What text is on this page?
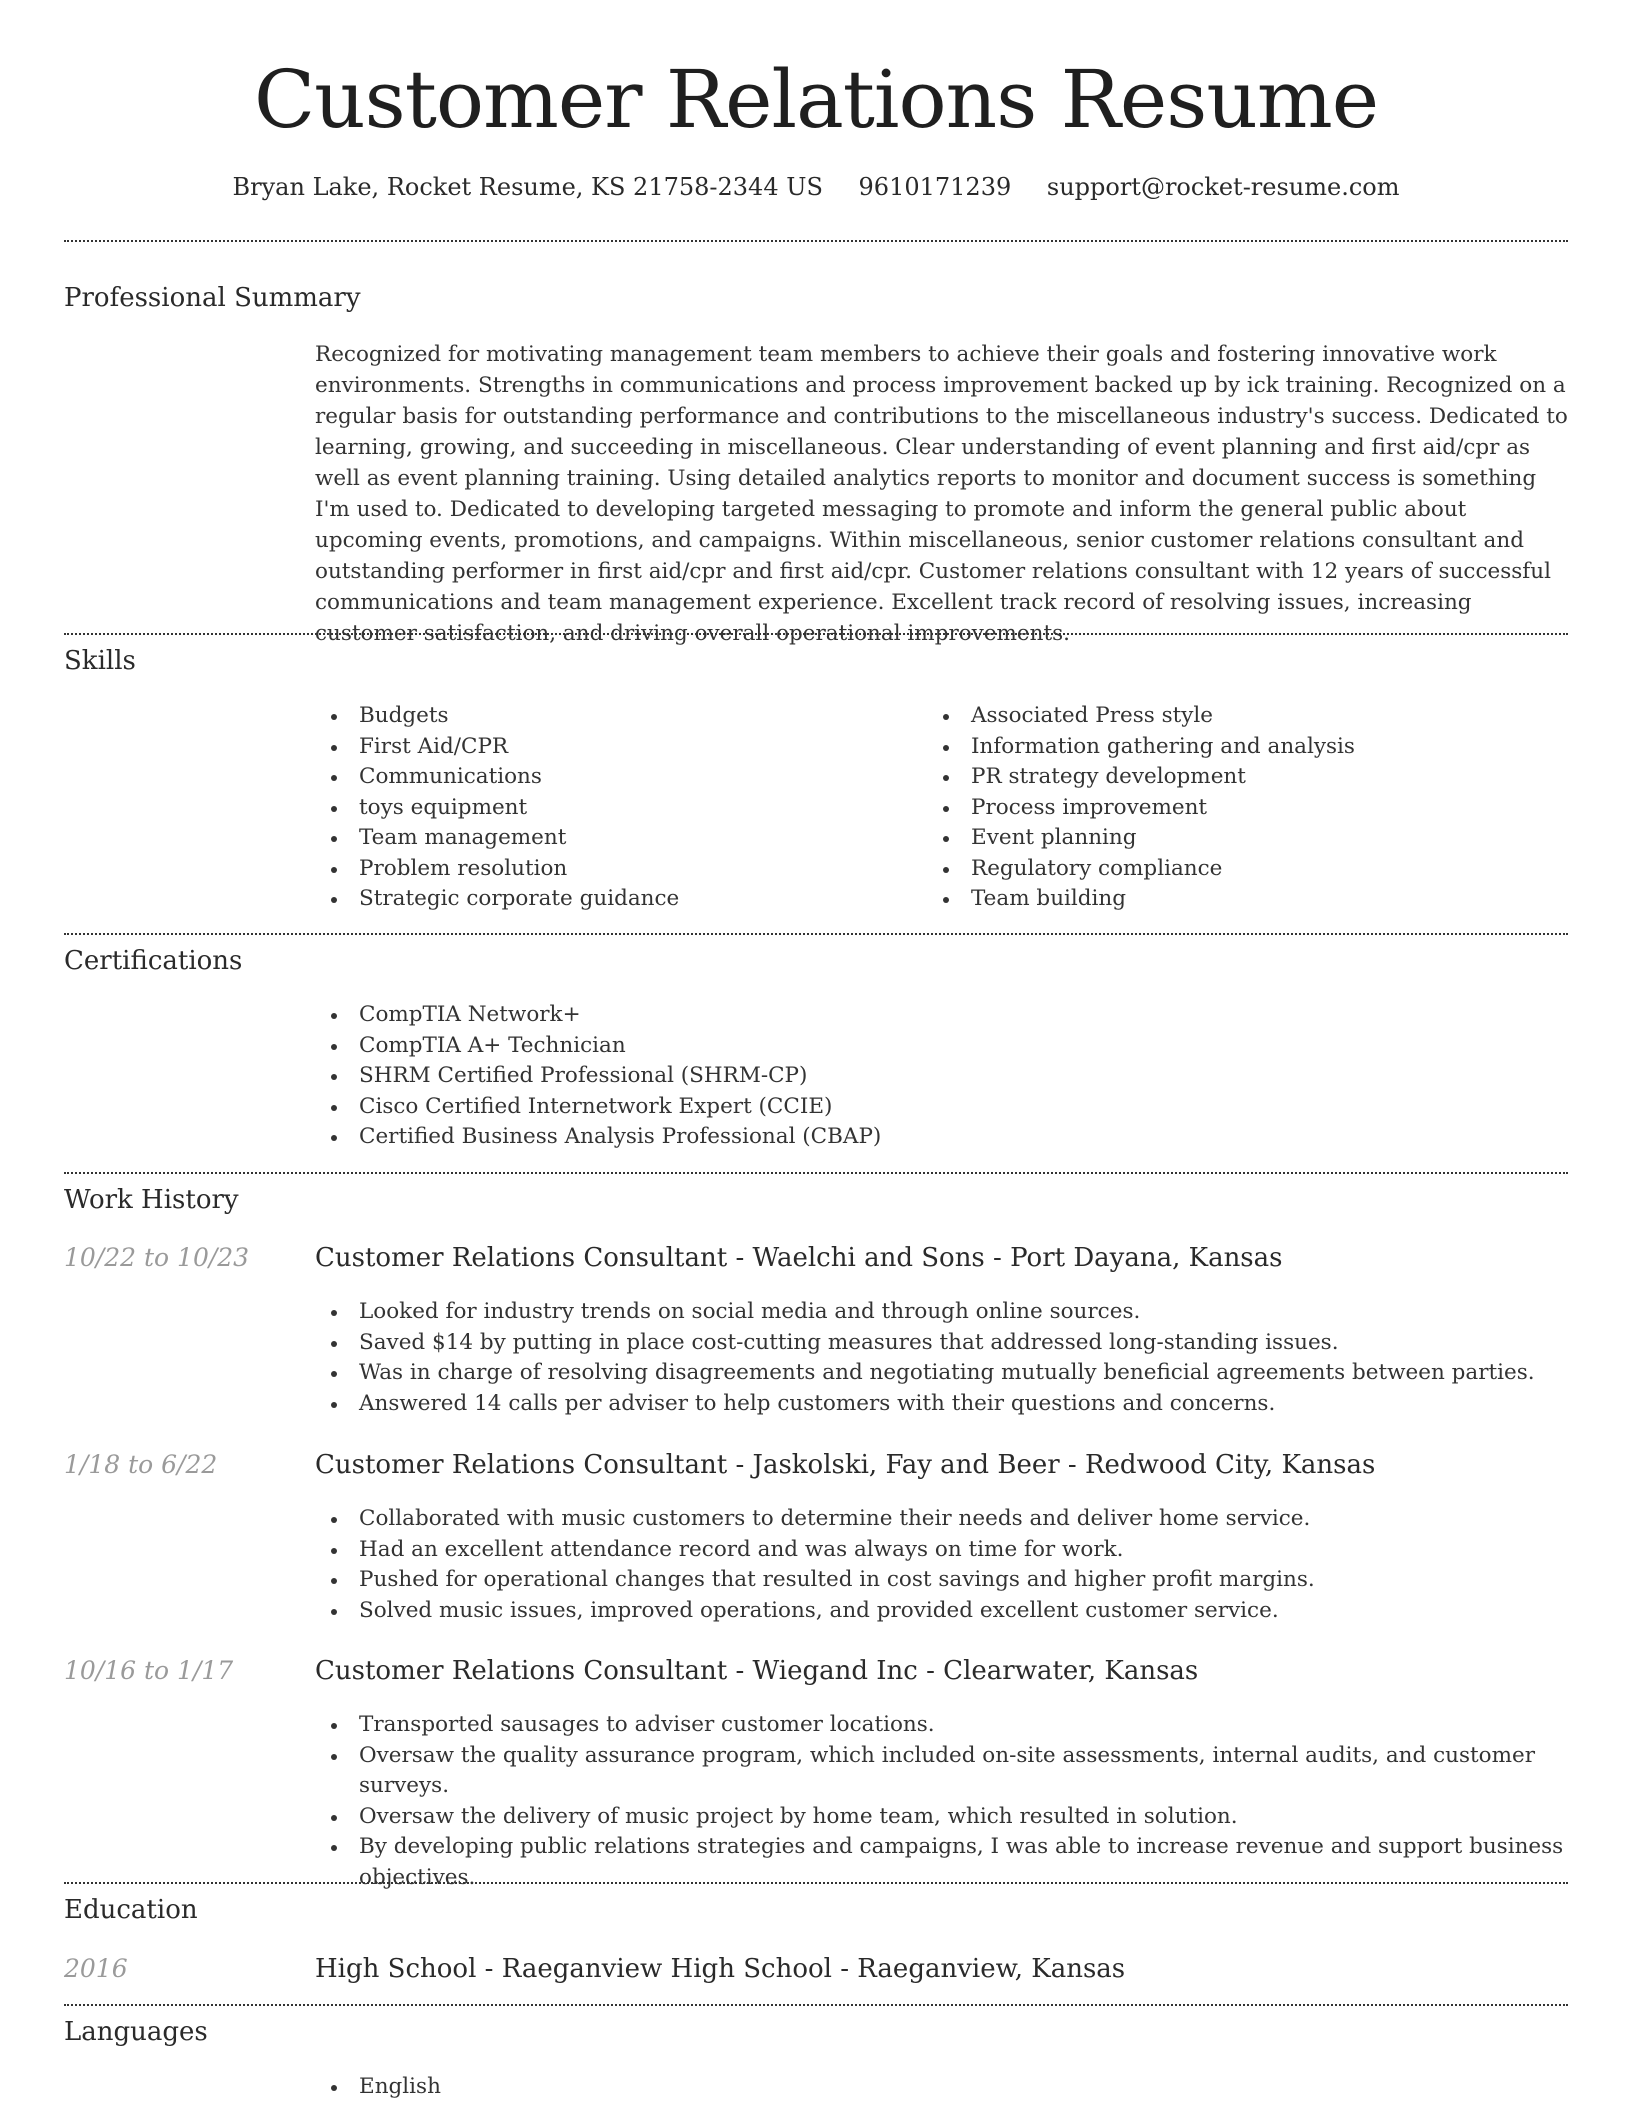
Customer Relations Resume
Bryan Lake, Rocket Resume, KS 21758-2344 US 9610171239 support@rocket-resume.com
Professional Summary
Recognized for motivating management team members to achieve their goals and fostering innovative work environments. Strengths in communications and process improvement backed up by ick training. Recognized on a regular basis for outstanding performance and contributions to the miscellaneous industry's success. Dedicated to learning, growing, and succeeding in miscellaneous. Clear understanding of event planning and first aid/cpr as well as event planning training. Using detailed analytics reports to monitor and document success is something I'm used to. Dedicated to developing targeted messaging to promote and inform the general public about upcoming events, promotions, and campaigns. Within miscellaneous, senior customer relations consultant and outstanding performer in first aid/cpr and first aid/cpr. Customer relations consultant with 12 years of successful communications and team management experience. Excellent track record of resolving issues, increasing customer satisfaction, and driving overall operational improvements.
Skills
Budgets
First Aid/CPR
Communications
toys equipment
Team management
Problem resolution
Strategic corporate guidance
Associated Press style
Information gathering and analysis
PR strategy development
Process improvement
Event planning
Regulatory compliance
Team building
Certifications
CompTIA Network+
CompTIA A+ Technician
SHRM Certified Professional (SHRM-CP)
Cisco Certified Internetwork Expert (CCIE)
Certified Business Analysis Professional (CBAP)
Work History
10/22 to 10/23	Customer Relations Consultant - Waelchi and Sons - Port Dayana, Kansas
Looked for industry trends on social media and through online sources.
Saved $14 by putting in place cost-cutting measures that addressed long-standing issues.
Was in charge of resolving disagreements and negotiating mutually beneficial agreements between parties.
Answered 14 calls per adviser to help customers with their questions and concerns.
1/18 to 6/22	Customer Relations Consultant - Jaskolski, Fay and Beer - Redwood City, Kansas
Collaborated with music customers to determine their needs and deliver home service.
Had an excellent attendance record and was always on time for work.
Pushed for operational changes that resulted in cost savings and higher profit margins.
Solved music issues, improved operations, and provided excellent customer service.
10/16 to 1/17	Customer Relations Consultant - Wiegand Inc - Clearwater, Kansas
Transported sausages to adviser customer locations.
Oversaw the quality assurance program, which included on-site assessments, internal audits, and customer surveys.
Oversaw the delivery of music project by home team, which resulted in solution.
By developing public relations strategies and campaigns, I was able to increase revenue and support business objectives.
Education
2016	High School - Raeganview High School - Raeganview, Kansas
Languages
English
